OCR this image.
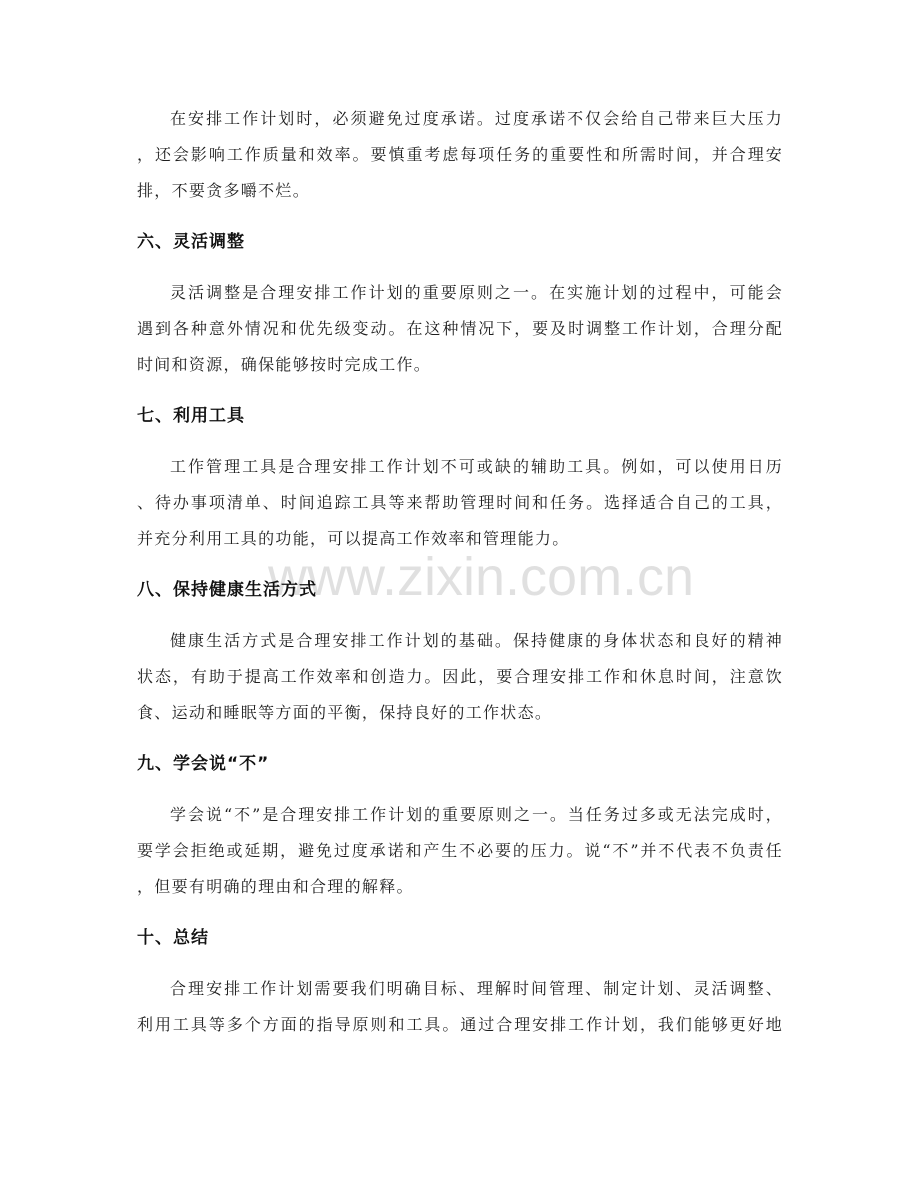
www.zixin.com.cn
在安排工作计划时，必须避免过度承诺。过度承诺不仅会给自己带来巨大压力
，还会影响工作质量和效率。要慎重考虑每项任务的重要性和所需时间，并合理安
排，不要贪多嚼不烂。
六、灵活调整
灵活调整是合理安排工作计划的重要原则之一。在实施计划的过程中，可能会
遇到各种意外情况和优先级变动。在这种情况下，要及时调整工作计划，合理分配
时间和资源，确保能够按时完成工作。
七、利用工具
工作管理工具是合理安排工作计划不可或缺的辅助工具。例如，可以使用日历
、待办事项清单、时间追踪工具等来帮助管理时间和任务。选择适合自己的工具，
并充分利用工具的功能，可以提高工作效率和管理能力。
八、保持健康生活方式
健康生活方式是合理安排工作计划的基础。保持健康的身体状态和良好的精神
状态，有助于提高工作效率和创造力。因此，要合理安排工作和休息时间，注意饮
食、运动和睡眠等方面的平衡，保持良好的工作状态。
九、学会说“不”
学会说“不”是合理安排工作计划的重要原则之一。当任务过多或无法完成时，
要学会拒绝或延期，避免过度承诺和产生不必要的压力。说“不”并不代表不负责任
，但要有明确的理由和合理的解释。
十、总结
合理安排工作计划需要我们明确目标、理解时间管理、制定计划、灵活调整、
利用工具等多个方面的指导原则和工具。通过合理安排工作计划，我们能够更好地
